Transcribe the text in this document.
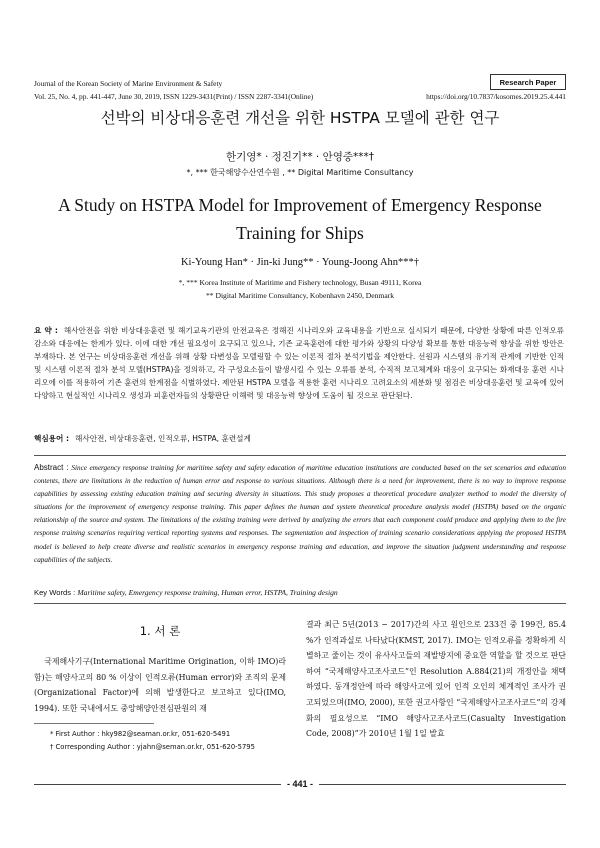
Research Paper
Journal of the Korean Society of Marine Environment & Safety
Vol. 25, No. 4, pp. 441-447, June 30, 2019, ISSN 1229-3431(Print) / ISSN 2287-3341(Online)	https://doi.org/10.7837/kosomes.2019.25.4.441
선박의 비상대응훈련 개선을 위한 HSTPA 모델에 관한 연구
한기영* · 정진기** · 안영중***†
*, *** 한국해양수산연수원 , ** Digital Maritime Consultancy
A Study on HSTPA Model for Improvement of Emergency Response Training for Ships
Ki-Young Han* · Jin-ki Jung** · Young-Joong Ahn***†
*, *** Korea Institute of Maritime and Fishery technology, Busan 49111, Korea
** Digital Maritime Consultancy, Kobenhavn 2450, Denmark
요 약 : 해사안전을 위한 비상대응훈련 및 해기교육기관의 안전교육은 정해진 시나리오와 교육내용을 기반으로 실시되기 때문에, 다양한 상황에 따른 인적오류 감소와 대응에는 한계가 있다. 이에 대한 개선 필요성이 요구되고 있으나, 기존 교육훈련에 대한 평가와 상황의 다양성 확보를 통한 대응능력 향상을 위한 방안은 부재하다. 본 연구는 비상대응훈련 개선을 위해 상황 다변성을 모델링할 수 있는 이론적 절차 분석기법을 제안한다. 선원과 시스템의 유기적 관계에 기반한 인적 및 시스템 이론적 절차 분석 모델(HSTPA)을 정의하고, 각 구성요소들이 발생시킬 수 있는 오류를 분석, 수직적 보고체계와 대응이 요구되는 화재대응 훈련 시나리오에 이를 적용하여 기존 훈련의 한계점을 식별하였다. 제안된 HSTPA 모델을 적용한 훈련 시나리오 고려요소의 세분화 및 점검은 비상대응훈련 및 교육에 있어 다양하고 현실적인 시나리오 생성과 피훈련자들의 상황판단 이해력 및 대응능력 향상에 도움이 될 것으로 판단된다.
핵심용어 : 해사안전, 비상대응훈련, 인적오류, HSTPA, 훈련설계
Abstract : Since emergency response training for maritime safety and safety education of maritime education institutions are conducted based on the set scenarios and education contents, there are limitations in the reduction of human error and response to various situations. Although there is a need for improvement, there is no way to improve response capabilities by assessing existing education training and securing diversity in situations. This study proposes a theoretical procedure analyzer method to model the diversity of situations for the improvement of emergency response training. This paper defines the human and system theoretical procedure analysis model (HSTPA) based on the organic relationship of the source and system. The limitations of the existing training were derived by analyzing the errors that each component could produce and applying them to the fire response training scenarios requiring vertical reporting systems and responses. The segmentation and inspection of training scenario considerations applying the proposed HSTPA model is believed to help create diverse and realistic scenarios in emergency response training and education, and improve the situation judgment understanding and response capabilities of the subjects.
Key Words : Maritime safety, Emergency response training, Human error, HSTPA, Training design
1. 서 론
국제해사기구(International Maritime Origination, 이하 IMO)라 함)는 해양사고의 80 % 이상이 인적오류(Human error)와 조직의 문제(Organizational Factor)에 의해 발생한다고 보고하고 있다(IMO, 1994). 또한 국내에서도 중앙해양안전심판원의 재
결과 최근 5년(2013 ~ 2017)간의 사고 원인으로 233건 중 199건, 85.4 %가 인적과실로 나타났다(KMST, 2017). IMO는 인적오류를 정확하게 식별하고 줄이는 것이 유사사고들의 재발방지에 중요한 역할을 할 것으로 판단하여 “국제해양사고조사코드”인 Resolution A.884(21)의 개정안을 채택하였다. 동개정안에 따라 해양사고에 있어 인적 오인의 체계적인 조사가 권고되었으며(IMO, 2000), 또한 권고사항인 “국제해양사고조사코드”의 강제화의 필요성으로 “IMO 해양사고조사코드(Casualty Investigation Code, 2008)”가 2010년 1월 1일 발효
* First Author : hky982@seaman.or.kr, 051-620-5491
† Corresponding Author : yjahn@seman.or.kr, 051-620-5795
- 441 -
